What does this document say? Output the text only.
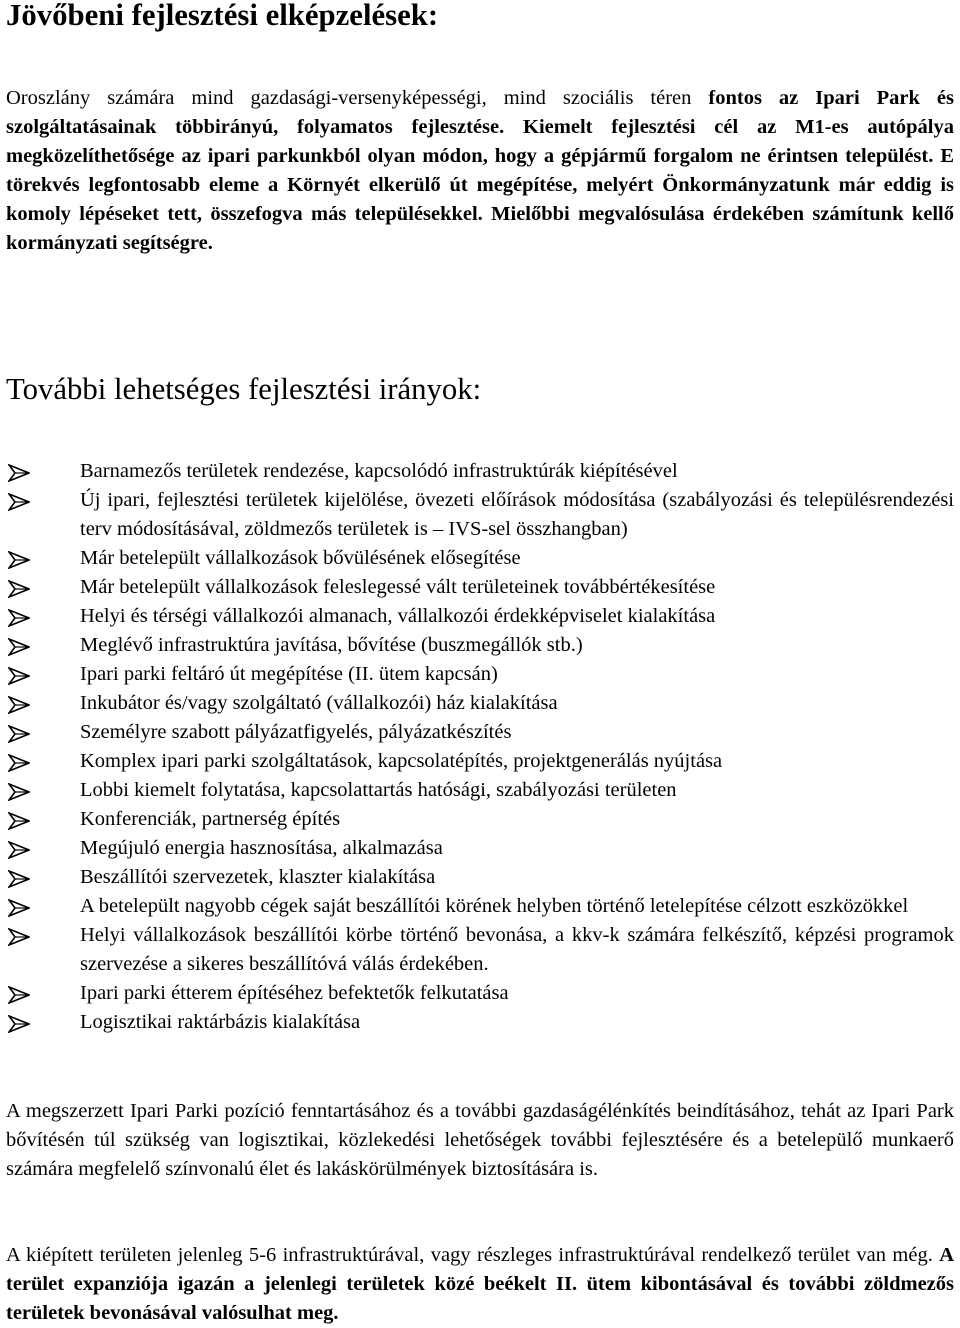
Jövőbeni fejlesztési elképzelések:

Oroszlány számára mind gazdasági-versenyképességi, mind szociális téren fontos az Ipari Park és szolgáltatásainak többirányú, folyamatos fejlesztése. Kiemelt fejlesztési cél az M1-es autópálya megközelíthetősége az ipari parkunkból olyan módon, hogy a gépjármű forgalom ne érintsen települést. E törekvés legfontosabb eleme a Környét elkerülő út megépítése, melyért Önkormányzatunk már eddig is komoly lépéseket tett, összefogva más településekkel. Mielőbbi megvalósulása érdekében számítunk kellő kormányzati segítségre.

További lehetséges fejlesztési irányok:
Barnamezős területek rendezése, kapcsolódó infrastruktúrák kiépítésével
Új ipari, fejlesztési területek kijelölése, övezeti előírások módosítása (szabályozási és településrendezési terv módosításával, zöldmezős területek is – IVS-sel összhangban)
Már betelepült vállalkozások bővülésének elősegítése
Már betelepült vállalkozások feleslegessé vált területeinek továbbértékesítése
Helyi és térségi vállalkozói almanach, vállalkozói érdekképviselet kialakítása
Meglévő infrastruktúra javítása, bővítése (buszmegállók stb.)
Ipari parki feltáró út megépítése (II. ütem kapcsán)
Inkubátor és/vagy szolgáltató (vállalkozói) ház kialakítása
Személyre szabott pályázatfigyelés, pályázatkészítés
Komplex ipari parki szolgáltatások, kapcsolatépítés, projektgenerálás nyújtása
Lobbi kiemelt folytatása, kapcsolattartás hatósági, szabályozási területen
Konferenciák, partnerség építés
Megújuló energia hasznosítása, alkalmazása
Beszállítói szervezetek, klaszter kialakítása
A betelepült nagyobb cégek saját beszállítói körének helyben történő letelepítése célzott eszközökkel
Helyi vállalkozások beszállítói körbe történő bevonása, a kkv-k számára felkészítő, képzési programok szervezése a sikeres beszállítóvá válás érdekében.
Ipari parki étterem építéséhez befektetők felkutatása
Logisztikai raktárbázis kialakítása

A megszerzett Ipari Parki pozíció fenntartásához és a további gazdaságélénkítés beindításához, tehát az Ipari Park bővítésén túl szükség van logisztikai, közlekedési lehetőségek további fejlesztésére és a betelepülő munkaerő számára megfelelő színvonalú élet és lakáskörülmények biztosítására is.

A kiépített területen jelenleg 5-6 infrastruktúrával, vagy részleges infrastruktúrával rendelkező terület van még. A terület expanziója igazán a jelenlegi területek közé beékelt II. ütem kibontásával és további zöldmezős területek bevonásával valósulhat meg.
